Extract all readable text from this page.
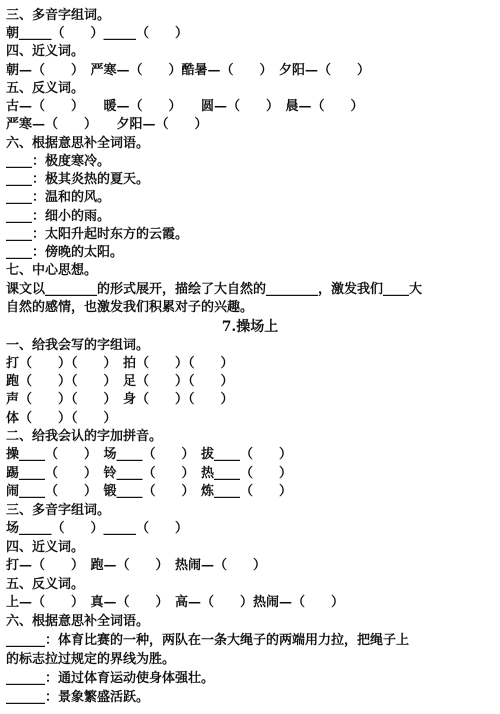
三、多音字组词。
朝_____（　　）_____（　　）
四、近义词。
朝—（　　）　严寒—（　　）酷暑—（　　）　夕阳—（　　）
五、反义词。
古—（　　）　　暖—（　　）　　圆—（　　）　晨—（　　）
严寒—（　　）　　夕阳—（　　）
六、根据意思补全词语。
____：极度寒冷。
____：极其炎热的夏天。
____：温和的风。
____：细小的雨。
____：太阳升起时东方的云霞。
____：傍晚的太阳。
七、中心思想。
课文以________的形式展开，描绘了大自然的________，激发我们____大
自然的感情，也激发我们积累对子的兴趣。
7.操场上
一、给我会写的字组词。
打（　　）（　　）　拍（　　）（　　）
跑（　　）（　　）　足（　　）（　　）
声（　　）（　　）　身（　　）（　　）
体（　　）（　　）
二、给我会认的字加拼音。
操____（　　）　场____（　　）　拔____（　　）
踢____（　　）　铃____（　　）　热____（　　）
闹____（　　）　锻____（　　）　炼____（　　）
三、多音字组词。
场_____（　　）_____（　　）
四、近义词。
打—（　　）　跑—（　　）　热闹—（　　）
五、反义词。
上—（　　）　真—（　　）　高—（　　）热闹—（　　）
六、根据意思补全词语。
______：体育比赛的一种，两队在一条大绳子的两端用力拉，把绳子上
的标志拉过规定的界线为胜。
______：通过体育运动使身体强壮。
______：景象繁盛活跃。
